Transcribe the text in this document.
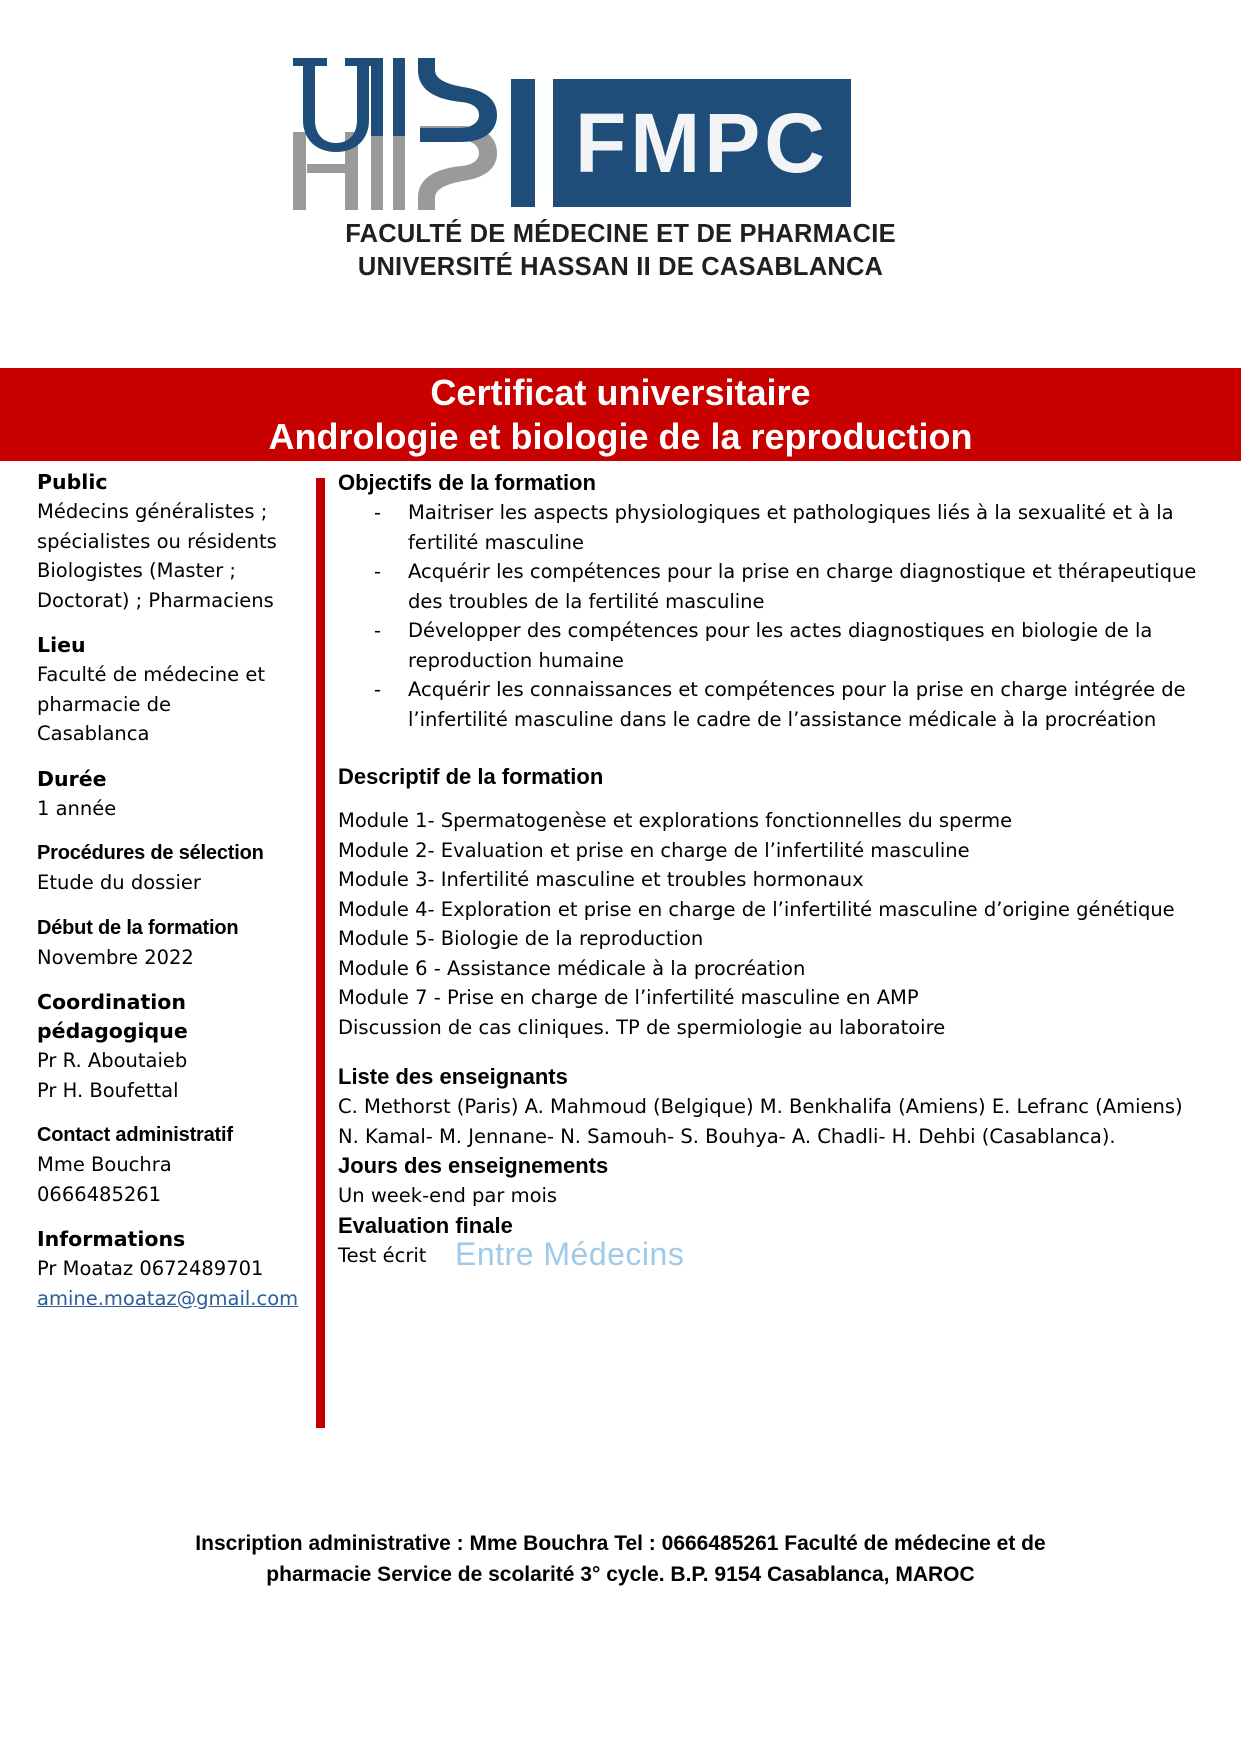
FMPC
FACULTÉ DE MÉDECINE ET DE PHARMACIE
UNIVERSITÉ HASSAN II DE CASABLANCA
Certificat universitaire
Andrologie et biologie de la reproduction
Public
Médecins généralistes ;
spécialistes ou résidents
Biologistes (Master ;
Doctorat) ; Pharmaciens
Lieu
Faculté de médecine et
pharmacie de Casablanca
Durée
1 annéе
Procédures de sélection
Etude du dossier
Début de la formation
Novembre 2022
Coordination pédagogique
Pr R. Aboutaieb
Pr H. Boufettal
Contact administratif
Mme Bouchra
0666485261
Informations
Pr Moataz 0672489701
amine.moataz@gmail.com
Objectifs de la formation
- Maitriser les aspects physiologiques et pathologiques liés à la sexualité et à la fertilité masculine
- Acquérir les compétences pour la prise en charge diagnostique et thérapeutique des troubles de la fertilité masculine
- Développer des compétences pour les actes diagnostiques en biologie de la reproduction humaine
- Acquérir les connaissances et compétences pour la prise en charge intégrée de l’infertilité masculine dans le cadre de l’assistance médicale à la procréation
Descriptif de la formation
Module 1- Spermatogenèse et explorations fonctionnelles du sperme
Module 2- Evaluation et prise en charge de l’infertilité masculine
Module 3- Infertilité masculine et troubles hormonaux
Module 4- Exploration et prise en charge de l’infertilité masculine d’origine génétique
Module 5- Biologie de la reproduction
Module 6 - Assistance médicale à la procréation
Module 7 - Prise en charge de l’infertilité masculine en AMP
Discussion de cas cliniques. TP de spermiologie au laboratoire
Liste des enseignants
C. Methorst (Paris) A. Mahmoud (Belgique) M. Benkhalifa (Amiens) E. Lefranc (Amiens) N. Kamal- M. Jennane- N. Samouh- S. Bouhya- A. Chadli- H. Dehbi (Casablanca).
Jours des enseignements
Un week-end par mois
Evaluation finale
Test écrit Entre Médecins
Inscription administrative : Mme Bouchra Tel : 0666485261 Faculté de médecine et de
pharmacie Service de scolarité 3° cycle. B.P. 9154 Casablanca, MAROC
